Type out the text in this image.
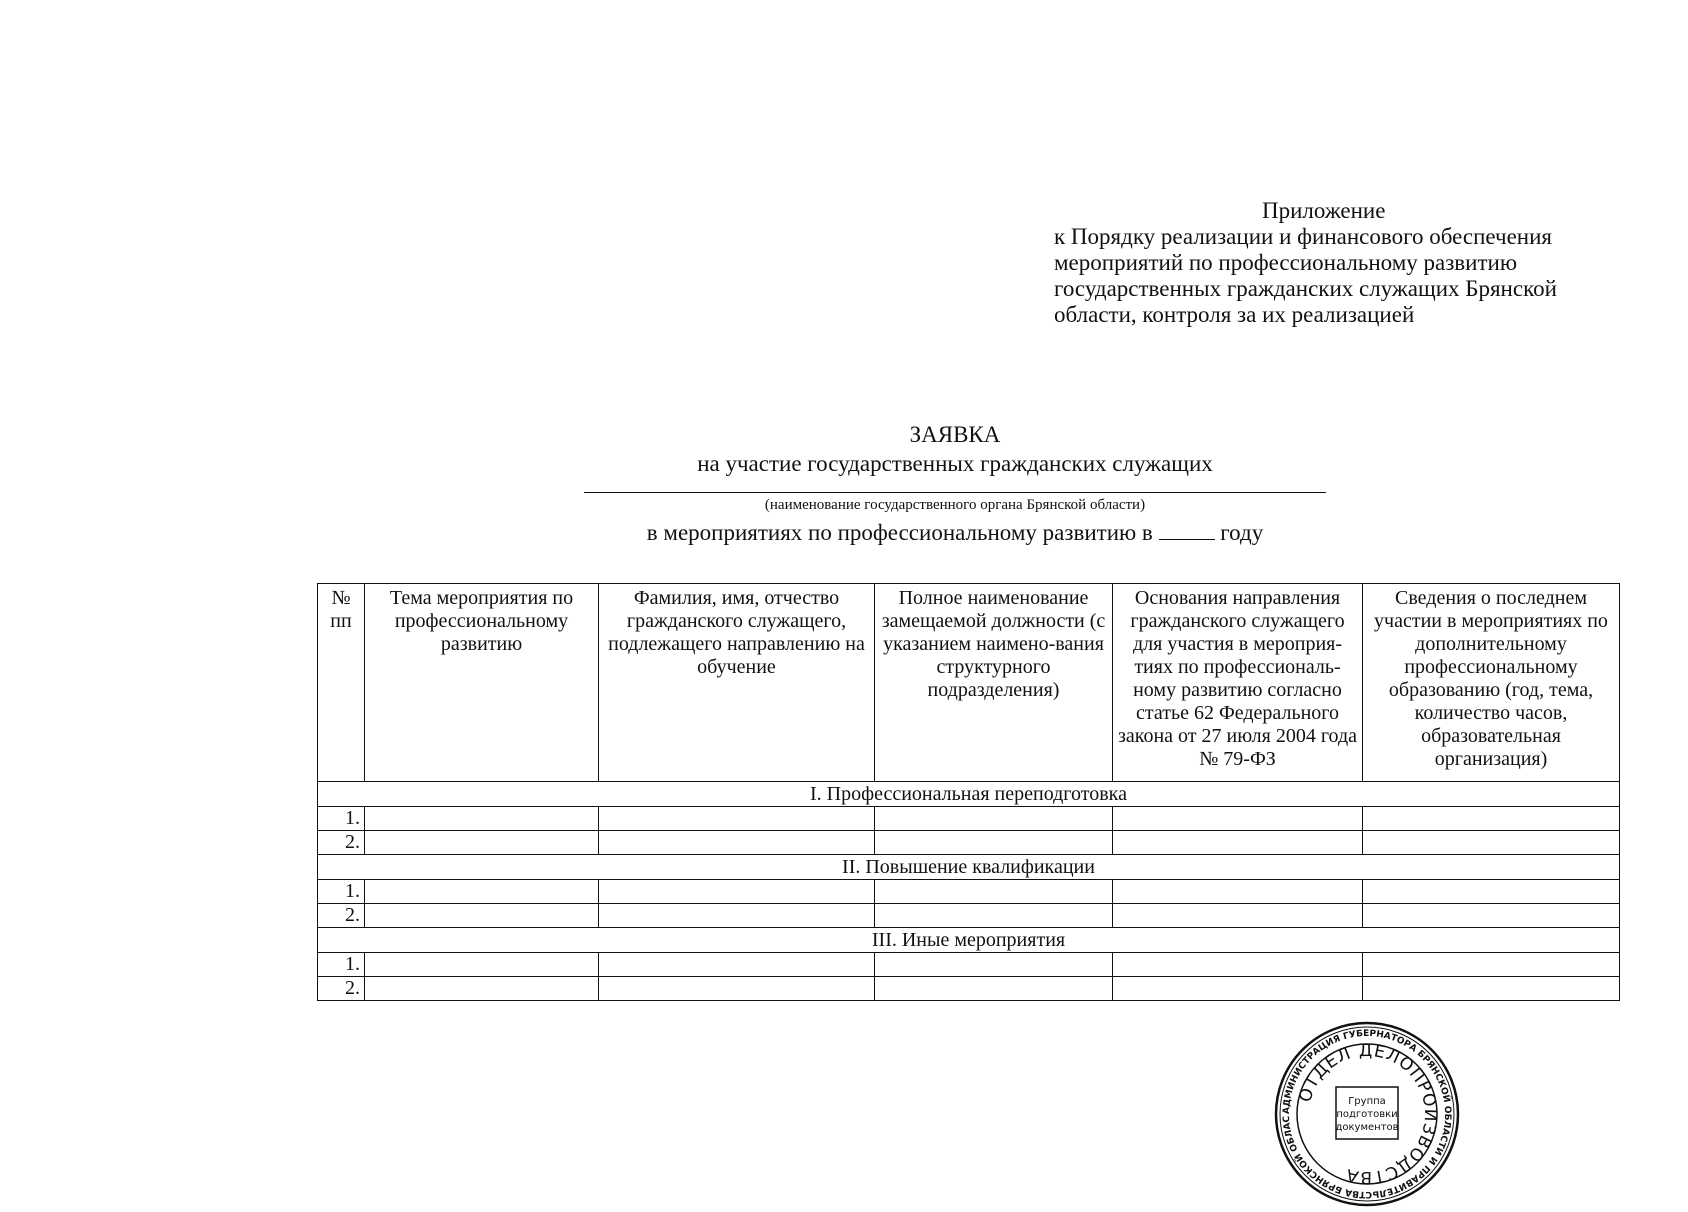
Приложение
к Порядку реализации и финансового обеспечения
мероприятий по профессиональному развитию
государственных гражданских служащих Брянской
области, контроля за их реализацией
ЗАЯВКА
на участие государственных гражданских служащих
(наименование государственного органа Брянской области)
в мероприятиях по профессиональному развитию в	году
№ пп	Тема мероприятия по профессиональному развитию	Фамилия, имя, отчество гражданского служащего, подлежащего направлению на обучение	Полное наименование замещаемой должности (с указанием наимено-вания структурного подразделения)	Основания направления гражданского служащего для участия в мероприя-тиях по профессиональ-ному развитию согласно статье 62 Федерального закона от 27 июля 2004 года № 79-ФЗ	Сведения о последнем участии в мероприятиях по дополнительному профессиональному образованию (год, тема, количество часов, образовательная организация)
I. Профессиональная переподготовка					
1.					
2.					
II. Повышение квалификации					
1.					
2.					
III. Иные мероприятия					
1.					
2.					
АДМИНИСТРАЦИЯ ГУБЕРНАТОРА БРЯНСКОЙ ОБЛАСТИ И ПРАВИТЕЛЬСТВА БРЯНСКОЙ ОБЛАС
ОТДЕЛ ДЕЛОПРОИЗВОДСТВА
Группа
подготовки
документов
